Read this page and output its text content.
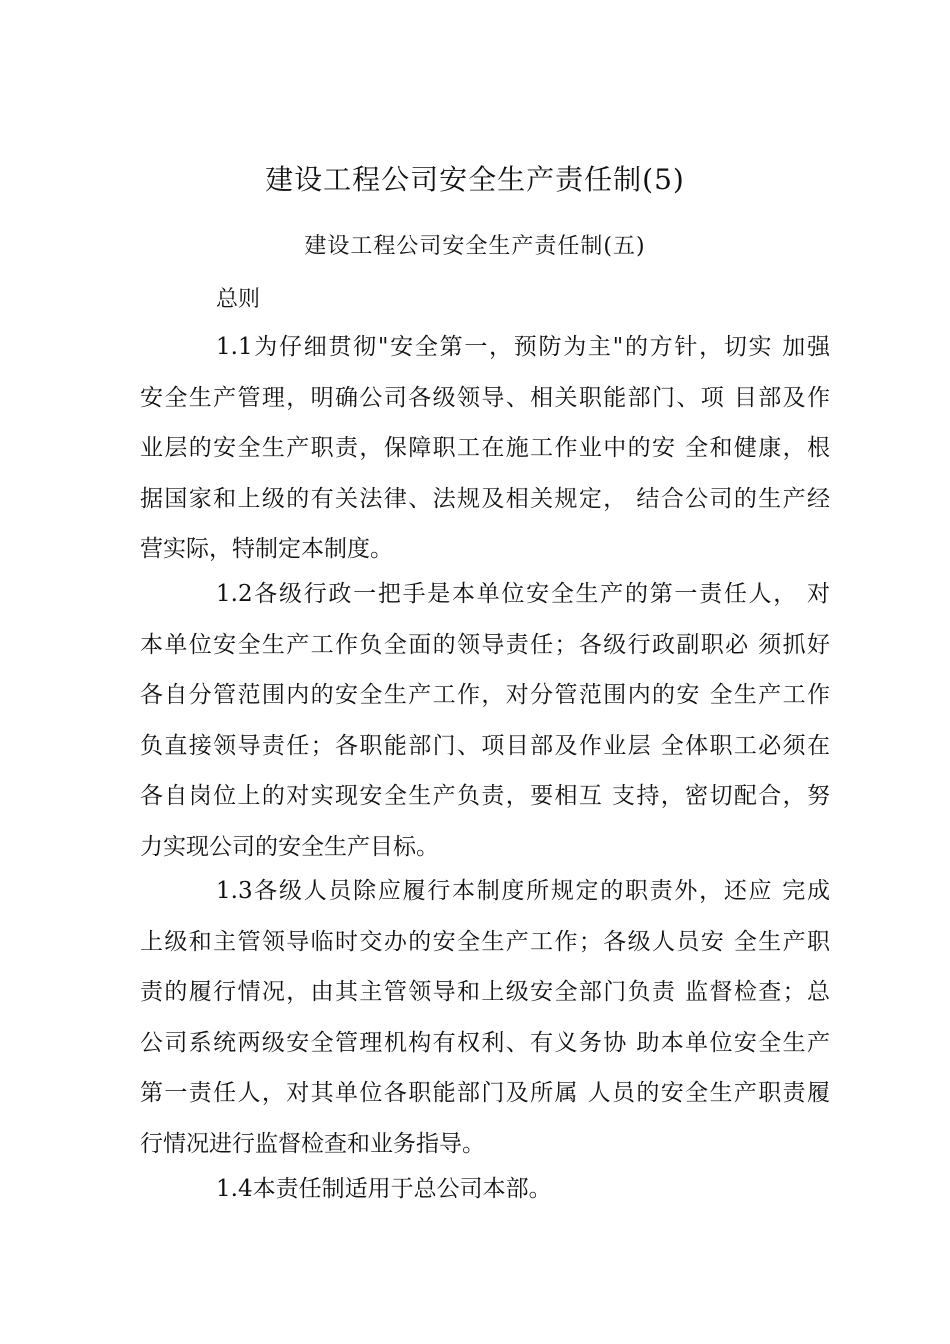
建设工程公司安全生产责任制(5)
建设工程公司安全生产责任制(五)
总则
1.1为仔细贯彻"安全第一，预防为主"的方针，切实 加强
安全生产管理，明确公司各级领导、相关职能部门、项 目部及作
业层的安全生产职责，保障职工在施工作业中的安 全和健康，根
据国家和上级的有关法律、法规及相关规定， 结合公司的生产经
营实际，特制定本制度。
1.2各级行政一把手是本单位安全生产的第一责任人， 对
本单位安全生产工作负全面的领导责任；各级行政副职必 须抓好
各自分管范围内的安全生产工作，对分管范围内的安 全生产工作
负直接领导责任；各职能部门、项目部及作业层 全体职工必须在
各自岗位上的对实现安全生产负责，要相互 支持，密切配合，努
力实现公司的安全生产目标。
1.3各级人员除应履行本制度所规定的职责外，还应 完成
上级和主管领导临时交办的安全生产工作；各级人员安 全生产职
责的履行情况，由其主管领导和上级安全部门负责 监督检查；总
公司系统两级安全管理机构有权利、有义务协 助本单位安全生产
第一责任人，对其单位各职能部门及所属 人员的安全生产职责履
行情况进行监督检查和业务指导。
1.4本责任制适用于总公司本部。
